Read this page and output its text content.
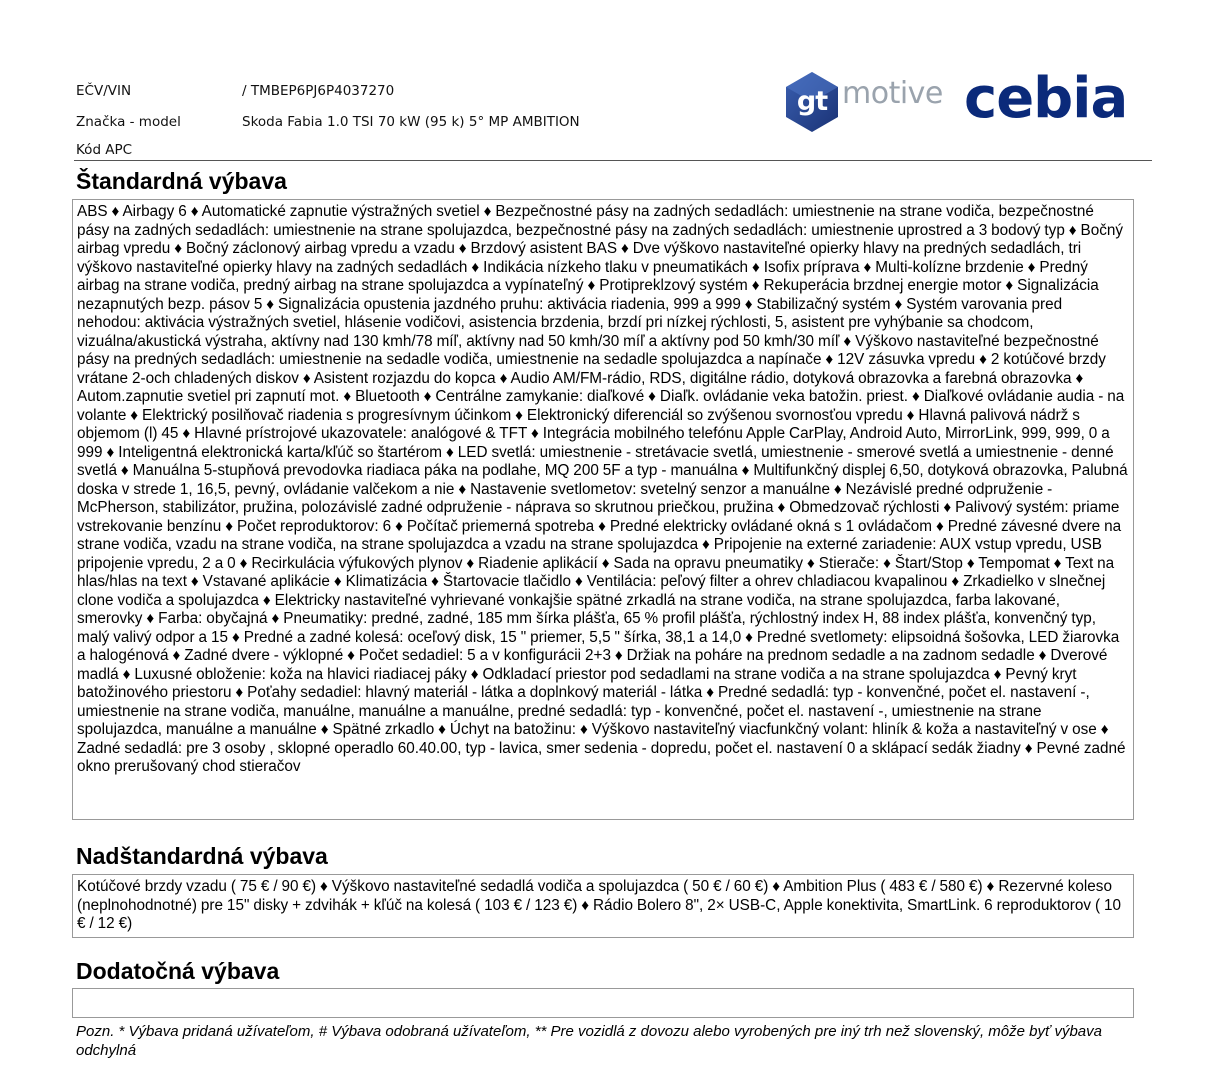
EČV/VIN	/ TMBEP6PJ6P4037270
Značka - model	Skoda Fabia 1.0 TSI 70 kW (95 k) 5° MP AMBITION
Kód APC
gt motive cebia
Štandardná výbava
ABS ♦ Airbagy 6 ♦ Automatické zapnutie výstražných svetiel ♦ Bezpečnostné pásy na zadných sedadlách: umiestnenie na strane vodiča, bezpečnostné pásy na zadných sedadlách: umiestnenie na strane spolujazdca, bezpečnostné pásy na zadných sedadlách: umiestnenie uprostred a 3 bodový typ ♦ Bočný airbag vpredu ♦ Bočný záclonový airbag vpredu a vzadu ♦ Brzdový asistent BAS ♦ Dve výškovo nastaviteľné opierky hlavy na predných sedadlách, tri výškovo nastaviteľné opierky hlavy na zadných sedadlách ♦ Indikácia nízkeho tlaku v pneumatikách ♦ Isofix príprava ♦ Multi-kolízne brzdenie ♦ Predný airbag na strane vodiča, predný airbag na strane spolujazdca a vypínateľný ♦ Protipreklzový systém ♦ Rekuperácia brzdnej energie motor ♦ Signalizácia nezapnutých bezp. pásov 5 ♦ Signalizácia opustenia jazdného pruhu: aktivácia riadenia, 999 a 999 ♦ Stabilizačný systém ♦ Systém varovania pred nehodou: aktivácia výstražných svetiel, hlásenie vodičovi, asistencia brzdenia, brzdí pri nízkej rýchlosti, 5, asistent pre vyhýbanie sa chodcom, vizuálna/akustická výstraha, aktívny nad 130 kmh/78 míľ, aktívny nad 50 kmh/30 míľ a aktívny pod 50 kmh/30 míľ ♦ Výškovo nastaviteľné bezpečnostné pásy na predných sedadlách: umiestnenie na sedadle vodiča, umiestnenie na sedadle spolujazdca a napínače ♦ 12V zásuvka vpredu ♦ 2 kotúčové brzdy vrátane 2-och chladených diskov ♦ Asistent rozjazdu do kopca ♦ Audio AM/FM-rádio, RDS, digitálne rádio, dotyková obrazovka a farebná obrazovka ♦ Autom.zapnutie svetiel pri zapnutí mot. ♦ Bluetooth ♦ Centrálne zamykanie: diaľkové ♦ Diaľk. ovládanie veka batožin. priest. ♦ Diaľkové ovládanie audia - na volante ♦ Elektrický posilňovač riadenia s progresívnym účinkom ♦ Elektronický diferenciál so zvýšenou svornosťou vpredu ♦ Hlavná palivová nádrž s objemom (l) 45 ♦ Hlavné prístrojové ukazovatele: analógové & TFT ♦ Integrácia mobilného telefónu Apple CarPlay, Android Auto, MirrorLink, 999, 999, 0 a 999 ♦ Inteligentná elektronická karta/kľúč so štartérom ♦ LED svetlá: umiestnenie - stretávacie svetlá, umiestnenie - smerové svetlá a umiestnenie - denné svetlá ♦ Manuálna 5-stupňová prevodovka riadiaca páka na podlahe, MQ 200 5F a typ - manuálna ♦ Multifunkčný displej 6,50, dotyková obrazovka, Palubná doska v strede 1, 16,5, pevný, ovládanie valčekom a nie ♦ Nastavenie svetlometov: svetelný senzor a manuálne ♦ Nezávislé predné odpruženie - McPherson, stabilizátor, pružina, polozávislé zadné odpruženie - náprava so skrutnou priečkou, pružina ♦ Obmedzovač rýchlosti ♦ Palivový systém: priame vstrekovanie benzínu ♦ Počet reproduktorov: 6 ♦ Počítač priemerná spotreba ♦ Predné elektricky ovládané okná s 1 ovládačom ♦ Predné závesné dvere na strane vodiča, vzadu na strane vodiča, na strane spolujazdca a vzadu na strane spolujazdca ♦ Pripojenie na externé zariadenie: AUX vstup vpredu, USB pripojenie vpredu, 2 a 0 ♦ Recirkulácia výfukových plynov ♦ Riadenie aplikácií ♦ Sada na opravu pneumatiky ♦ Stierače: ♦ Štart/Stop ♦ Tempomat ♦ Text na hlas/hlas na text ♦ Vstavané aplikácie ♦ Klimatizácia ♦ Štartovacie tlačidlo ♦ Ventilácia: peľový filter a ohrev chladiacou kvapalinou ♦ Zrkadielko v slnečnej clone vodiča a spolujazdca ♦ Elektricky nastaviteľné vyhrievané vonkajšie spätné zrkadlá na strane vodiča, na strane spolujazdca, farba lakované, smerovky ♦ Farba: obyčajná ♦ Pneumatiky: predné, zadné, 185 mm šírka plášťa, 65 % profil plášťa, rýchlostný index H, 88 index plášťa, konvenčný typ, malý valivý odpor a 15 ♦ Predné a zadné kolesá: oceľový disk, 15 " priemer, 5,5 " šírka, 38,1 a 14,0 ♦ Predné svetlomety: elipsoidná šošovka, LED žiarovka a halogénová ♦ Zadné dvere - výklopné ♦ Počet sedadiel: 5 a v konfigurácii 2+3 ♦ Držiak na poháre na prednom sedadle a na zadnom sedadle ♦ Dverové madlá ♦ Luxusné obloženie: koža na hlavici riadiacej páky ♦ Odkladací priestor pod sedadlami na strane vodiča a na strane spolujazdca ♦ Pevný kryt batožinového priestoru ♦ Poťahy sedadiel: hlavný materiál - látka a doplnkový materiál - látka ♦ Predné sedadlá: typ - konvenčné, počet el. nastavení -, umiestnenie na strane vodiča, manuálne, manuálne a manuálne, predné sedadlá: typ - konvenčné, počet el. nastavení -, umiestnenie na strane spolujazdca, manuálne a manuálne ♦ Spätné zrkadlo ♦ Úchyt na batožinu: ♦ Výškovo nastaviteľný viacfunkčný volant: hliník & koža a nastaviteľný v ose ♦ Zadné sedadlá: pre 3 osoby , sklopné operadlo 60.40.00, typ - lavica, smer sedenia - dopredu, počet el. nastavení 0 a sklápací sedák žiadny ♦ Pevné zadné okno prerušovaný chod stieračov
Nadštandardná výbava
Kotúčové brzdy vzadu ( 75 € / 90 €) ♦ Výškovo nastaviteľné sedadlá vodiča a spolujazdca ( 50 € / 60 €) ♦ Ambition Plus ( 483 € / 580 €) ♦ Rezervné koleso (neplnohodnotné) pre 15" disky + zdvihák + kľúč na kolesá ( 103 € / 123 €) ♦ Rádio Bolero 8", 2× USB-C, Apple konektivita, SmartLink. 6 reproduktorov ( 10 € / 12 €)
Dodatočná výbava
Pozn. * Výbava pridaná užívateľom, # Výbava odobraná užívateľom, ** Pre vozidlá z dovozu alebo vyrobených pre iný trh než slovenský, môže byť výbava odchylná
